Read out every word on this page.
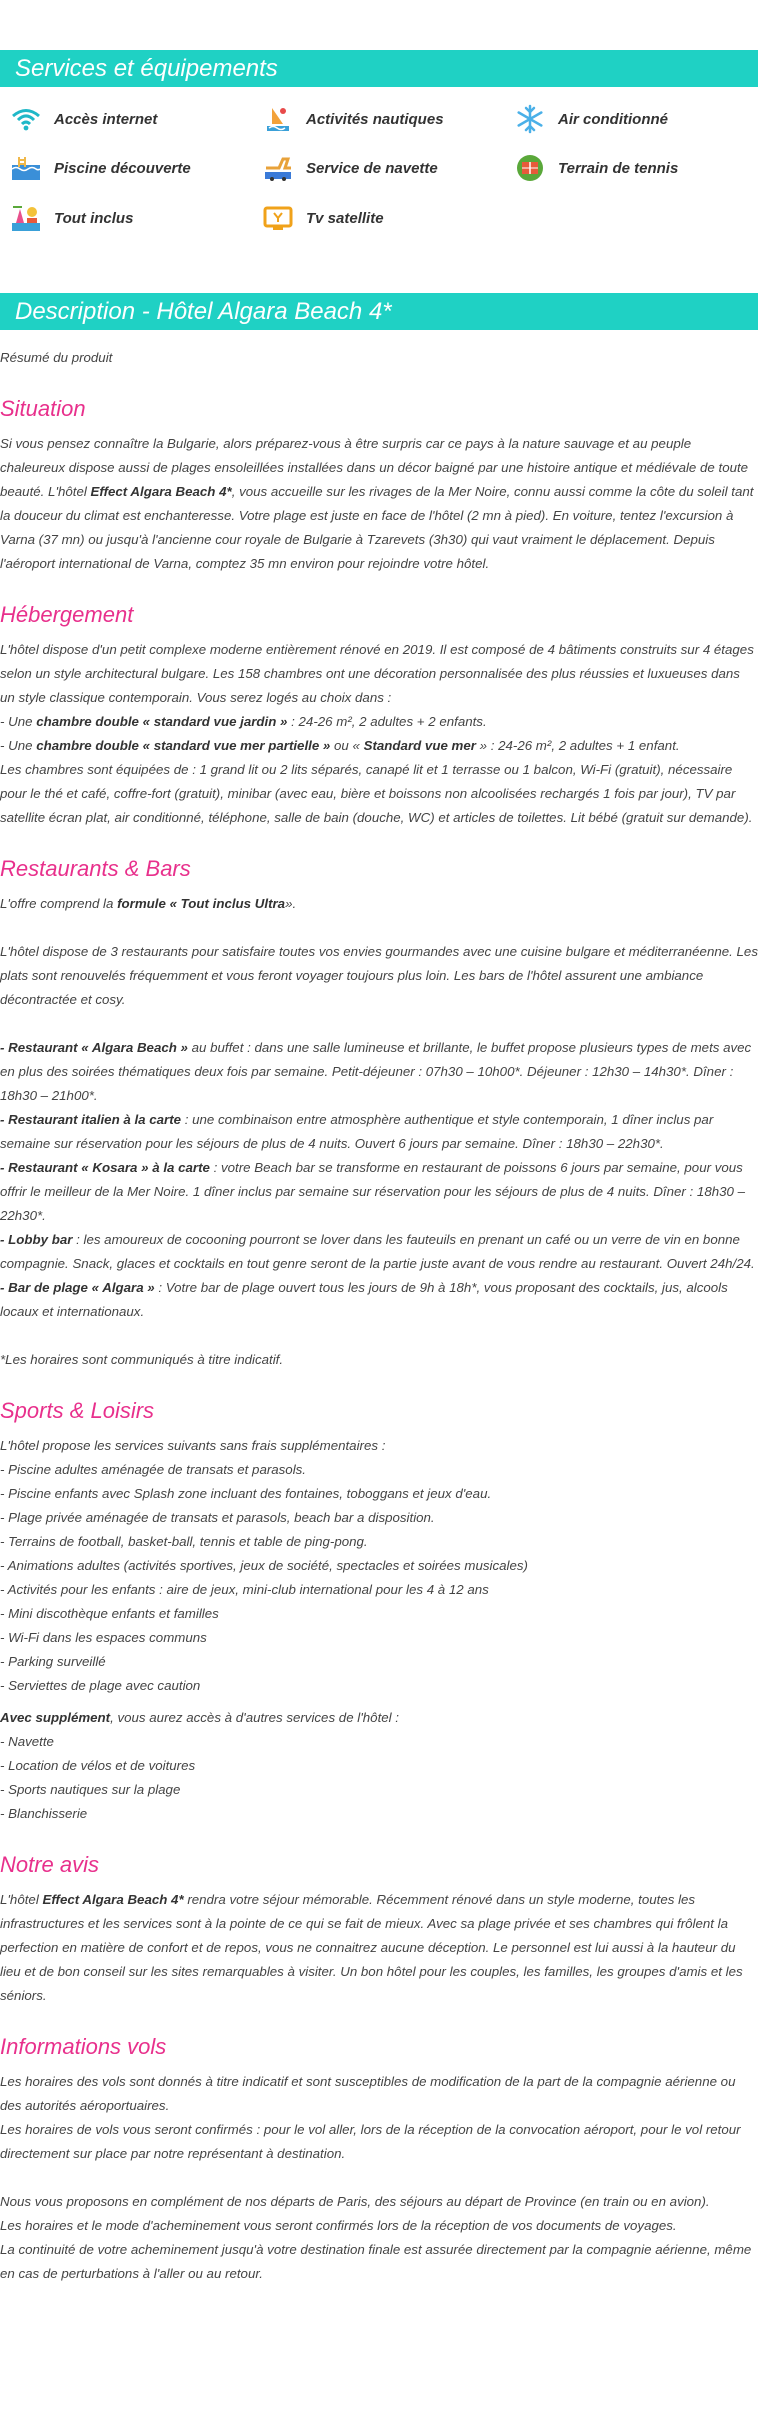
Services et équipements
Accès internet	Activités nautiques	Air conditionné
Piscine découverte	Service de navette	Terrain de tennis
Tout inclus	Tv satellite
Description - Hôtel Algara Beach 4*

Résumé du produit

Situation

Si vous pensez connaître la Bulgarie, alors préparez-vous à être surpris car ce pays à la nature sauvage et au peuple chaleureux dispose aussi de plages ensoleillées installées dans un décor baigné par une histoire antique et médiévale de toute beauté. L'hôtel Effect Algara Beach 4*, vous accueille sur les rivages de la Mer Noire, connu aussi comme la côte du soleil tant la douceur du climat est enchanteresse. Votre plage est juste en face de l'hôtel (2 mn à pied). En voiture, tentez l'excursion à Varna (37 mn) ou jusqu'à l'ancienne cour royale de Bulgarie à Tzarevets (3h30) qui vaut vraiment le déplacement. Depuis l'aéroport international de Varna, comptez 35 mn environ pour rejoindre votre hôtel.

Hébergement

L'hôtel dispose d'un petit complexe moderne entièrement rénové en 2019. Il est composé de 4 bâtiments construits sur 4 étages selon un style architectural bulgare. Les 158 chambres ont une décoration personnalisée des plus réussies et luxueuses dans un style classique contemporain. Vous serez logés au choix dans :

- Une chambre double « standard vue jardin » : 24-26 m², 2 adultes + 2 enfants.

- Une chambre double « standard vue mer partielle » ou « Standard vue mer » : 24-26 m², 2 adultes + 1 enfant.

Les chambres sont équipées de : 1 grand lit ou 2 lits séparés, canapé lit et 1 terrasse ou 1 balcon, Wi-Fi (gratuit), nécessaire pour le thé et café, coffre-fort (gratuit), minibar (avec eau, bière et boissons non alcoolisées rechargés 1 fois par jour), TV par satellite écran plat, air conditionné, téléphone, salle de bain (douche, WC) et articles de toilettes. Lit bébé (gratuit sur demande).

Restaurants & Bars

L'offre comprend la formule « Tout inclus Ultra».

L'hôtel dispose de 3 restaurants pour satisfaire toutes vos envies gourmandes avec une cuisine bulgare et méditerranéenne. Les plats sont renouvelés fréquemment et vous feront voyager toujours plus loin. Les bars de l'hôtel assurent une ambiance décontractée et cosy.

- Restaurant « Algara Beach » au buffet : dans une salle lumineuse et brillante, le buffet propose plusieurs types de mets avec en plus des soirées thématiques deux fois par semaine. Petit-déjeuner : 07h30 – 10h00*. Déjeuner : 12h30 – 14h30*. Dîner : 18h30 – 21h00*.

- Restaurant italien à la carte : une combinaison entre atmosphère authentique et style contemporain, 1 dîner inclus par semaine sur réservation pour les séjours de plus de 4 nuits. Ouvert 6 jours par semaine. Dîner : 18h30 – 22h30*.

- Restaurant « Kosara » à la carte : votre Beach bar se transforme en restaurant de poissons 6 jours par semaine, pour vous offrir le meilleur de la Mer Noire. 1 dîner inclus par semaine sur réservation pour les séjours de plus de 4 nuits. Dîner : 18h30 – 22h30*.

- Lobby bar : les amoureux de cocooning pourront se lover dans les fauteuils en prenant un café ou un verre de vin en bonne compagnie. Snack, glaces et cocktails en tout genre seront de la partie juste avant de vous rendre au restaurant. Ouvert 24h/24.

- Bar de plage « Algara » : Votre bar de plage ouvert tous les jours de 9h à 18h*, vous proposant des cocktails, jus, alcools locaux et internationaux.

*Les horaires sont communiqués à titre indicatif.

Sports & Loisirs

L'hôtel propose les services suivants sans frais supplémentaires :

- Piscine adultes aménagée de transats et parasols.

- Piscine enfants avec Splash zone incluant des fontaines, toboggans et jeux d'eau.

- Plage privée aménagée de transats et parasols, beach bar a disposition.

- Terrains de football, basket-ball, tennis et table de ping-pong.

- Animations adultes (activités sportives, jeux de société, spectacles et soirées musicales)

- Activités pour les enfants : aire de jeux, mini-club international pour les 4 à 12 ans

- Mini discothèque enfants et familles

- Wi-Fi dans les espaces communs

- Parking surveillé

- Serviettes de plage avec caution

Avec supplément, vous aurez accès à d'autres services de l'hôtel :

- Navette

- Location de vélos et de voitures

- Sports nautiques sur la plage

- Blanchisserie

Notre avis

L'hôtel Effect Algara Beach 4* rendra votre séjour mémorable. Récemment rénové dans un style moderne, toutes les infrastructures et les services sont à la pointe de ce qui se fait de mieux. Avec sa plage privée et ses chambres qui frôlent la perfection en matière de confort et de repos, vous ne connaitrez aucune déception. Le personnel est lui aussi à la hauteur du lieu et de bon conseil sur les sites remarquables à visiter. Un bon hôtel pour les couples, les familles, les groupes d'amis et les séniors.

Informations vols

Les horaires des vols sont donnés à titre indicatif et sont susceptibles de modification de la part de la compagnie aérienne ou des autorités aéroportuaires.

Les horaires de vols vous seront confirmés : pour le vol aller, lors de la réception de la convocation aéroport, pour le vol retour directement sur place par notre représentant à destination.

Nous vous proposons en complément de nos départs de Paris, des séjours au départ de Province (en train ou en avion).

Les horaires et le mode d'acheminement vous seront confirmés lors de la réception de vos documents de voyages.

La continuité de votre acheminement jusqu'à votre destination finale est assurée directement par la compagnie aérienne, même en cas de perturbations à l'aller ou au retour.
